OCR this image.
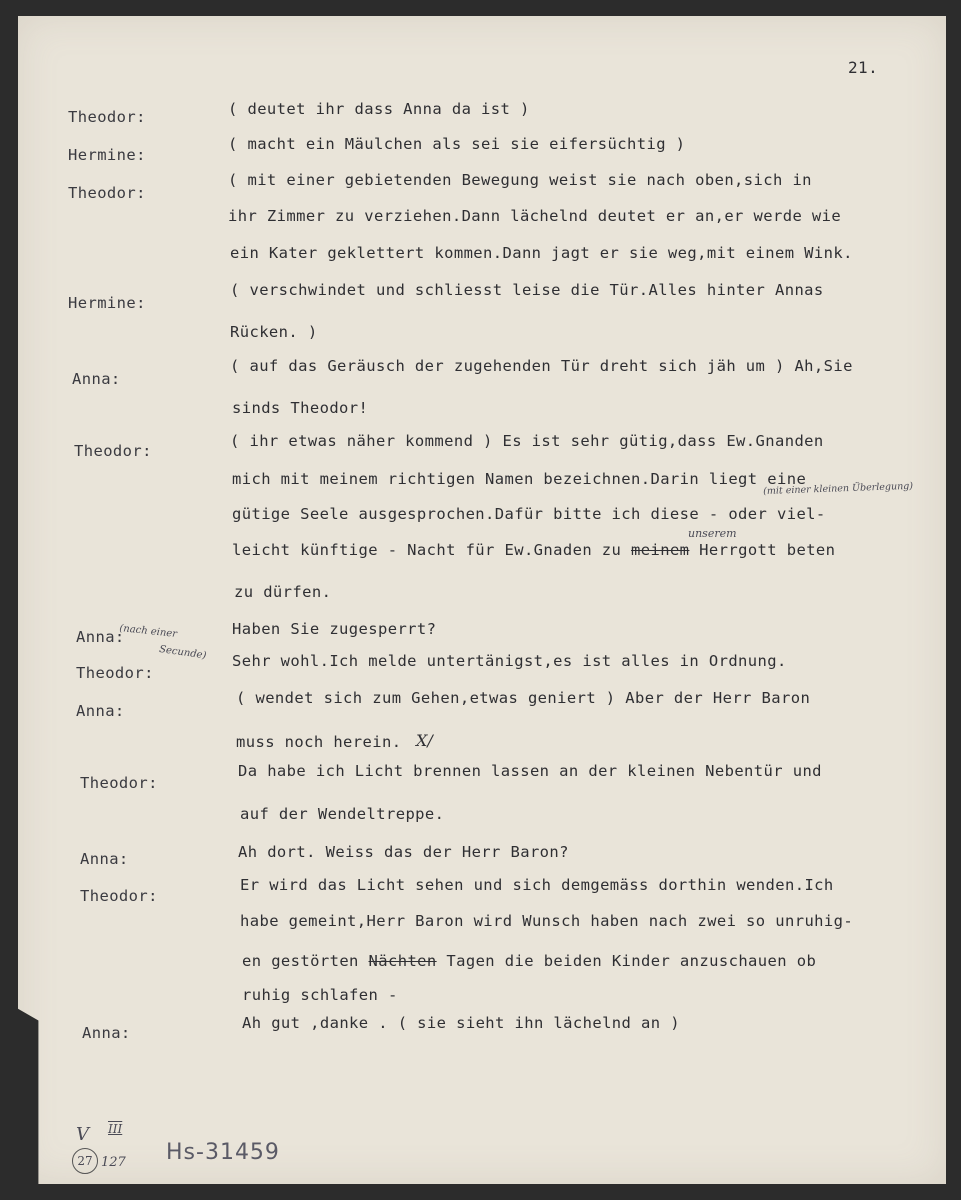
21.
Theodor:
Hermine:
Theodor:
Hermine:
Anna:
Theodor:
Anna:
Theodor:
Anna:
Theodor:
Anna:
Theodor:
Anna:
( deutet ihr dass Anna da ist )
( macht ein Mäulchen als sei sie eifersüchtig )
( mit einer gebietenden Bewegung weist sie nach oben,sich in
ihr Zimmer zu verziehen.Dann lächelnd deutet er an,er werde wie
ein Kater geklettert kommen.Dann jagt er sie weg,mit einem Wink.
( verschwindet und schliesst leise die Tür.Alles hinter Annas
Rücken. )
( auf das Geräusch der zugehenden Tür dreht sich jäh um ) Ah,Sie
sinds Theodor!
( ihr etwas näher kommend ) Es ist sehr gütig,dass Ew.Gnanden
mich mit meinem richtigen Namen bezeichnen.Darin liegt eine
gütige Seele ausgesprochen.Dafür bitte ich diese - oder viel-
leicht künftige - Nacht für Ew.Gnaden zu meinem Herrgott beten
zu dürfen.
Haben Sie zugesperrt?
Sehr wohl.Ich melde untertänigst,es ist alles in Ordnung.
( wendet sich zum Gehen,etwas geniert ) Aber der Herr Baron
muss noch herein.
Da habe ich Licht brennen lassen an der kleinen Nebentür und
auf der Wendeltreppe.
Ah dort. Weiss das der Herr Baron?
Er wird das Licht sehen und sich demgemäss dorthin wenden.Ich
habe gemeint,Herr Baron wird Wunsch haben nach zwei so unruhig-
en gestörten Nächten Tagen die beiden Kinder anzuschauen ob
ruhig schlafen -
Ah gut ,danke . ( sie sieht ihn lächelnd an )
unserem
(mit einer kleinen Überlegung)
(nach einer
Secunde)
X/
V III
27 127 Hs-31459
